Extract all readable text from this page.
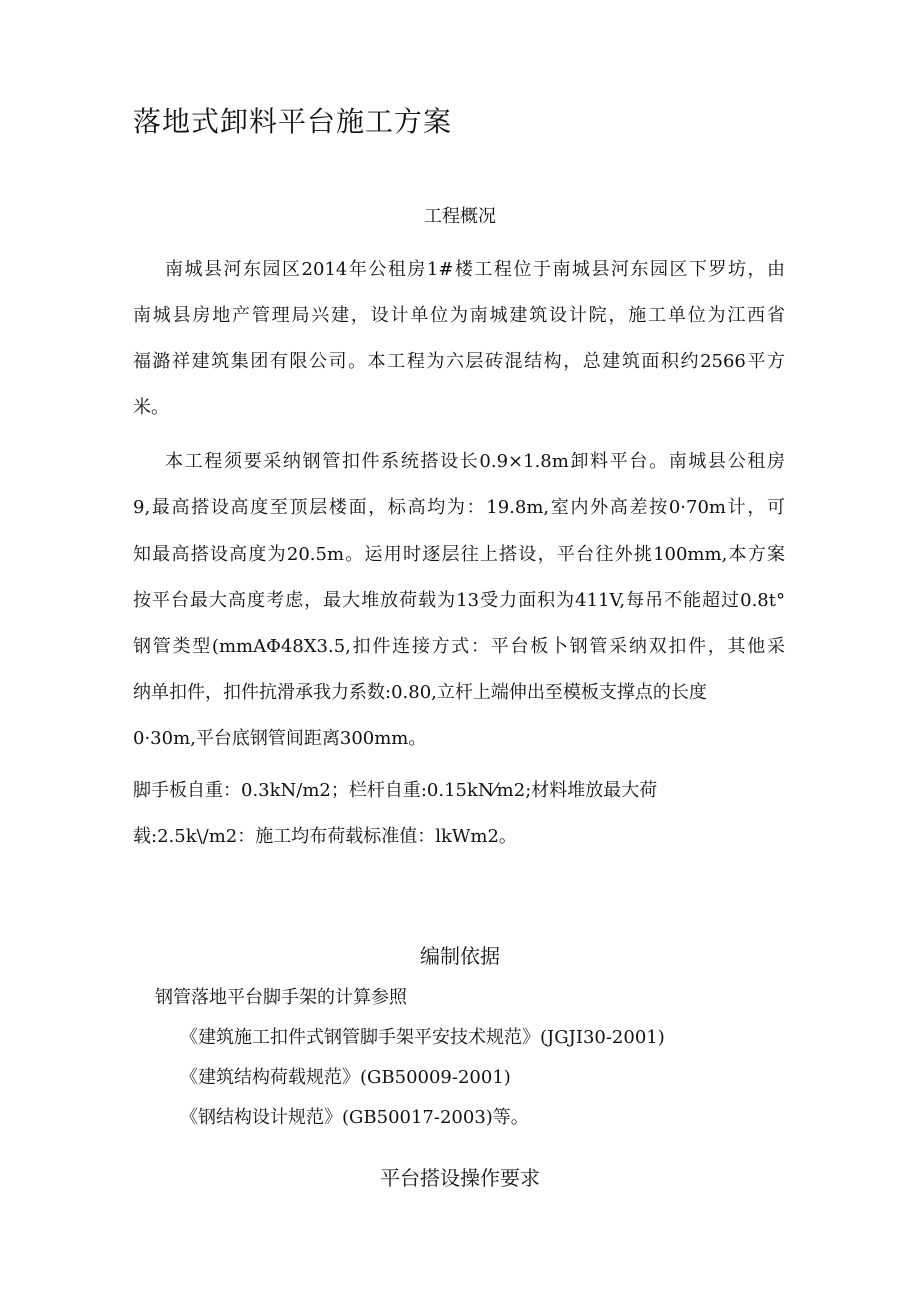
落地式卸料平台施工方案
工程概况
南城县河东园区2014年公租房1#楼工程位于南城县河东园区下罗坊，由
南城县房地产管理局兴建，设计单位为南城建筑设计院，施工单位为江西省
福潞祥建筑集团有限公司。本工程为六层砖混结构，总建筑面积约2566平方
米。
本工程须要采纳钢管扣件系统搭设长0.9×1.8m卸料平台。南城县公租房
9,最高搭设高度至顶层楼面，标高均为：19.8m,室内外高差按0·70m计，可
知最高搭设高度为20.5m。运用时逐层往上搭设，平台往外挑100mm,本方案
按平台最大高度考虑，最大堆放荷载为13受力面积为411V,每吊不能超过0.8t°
钢管类型(mmAΦ48X3.5,扣件连接方式：平台板卜钢管采纳双扣件，其他采
纳单扣件，扣件抗滑承我力系数:0.80,立杆上端伸出至模板支撑点的长度
0·30m,平台底钢管间距离300mm。
脚手板自重：0.3kN/m2；栏杆自重:0.15kN⁄m2;材料堆放最大荷
载:2.5k\/m2：施工均布荷载标准值：lkWm2。
编制依据
钢管落地平台脚手架的计算参照
《建筑施工扣件式钢管脚手架平安技术规范》(JGJI30-2001)
《建筑结构荷载规范》(GB50009-2001)
《钢结构设计规范》(GB50017-2003)等。
平台搭设操作要求
